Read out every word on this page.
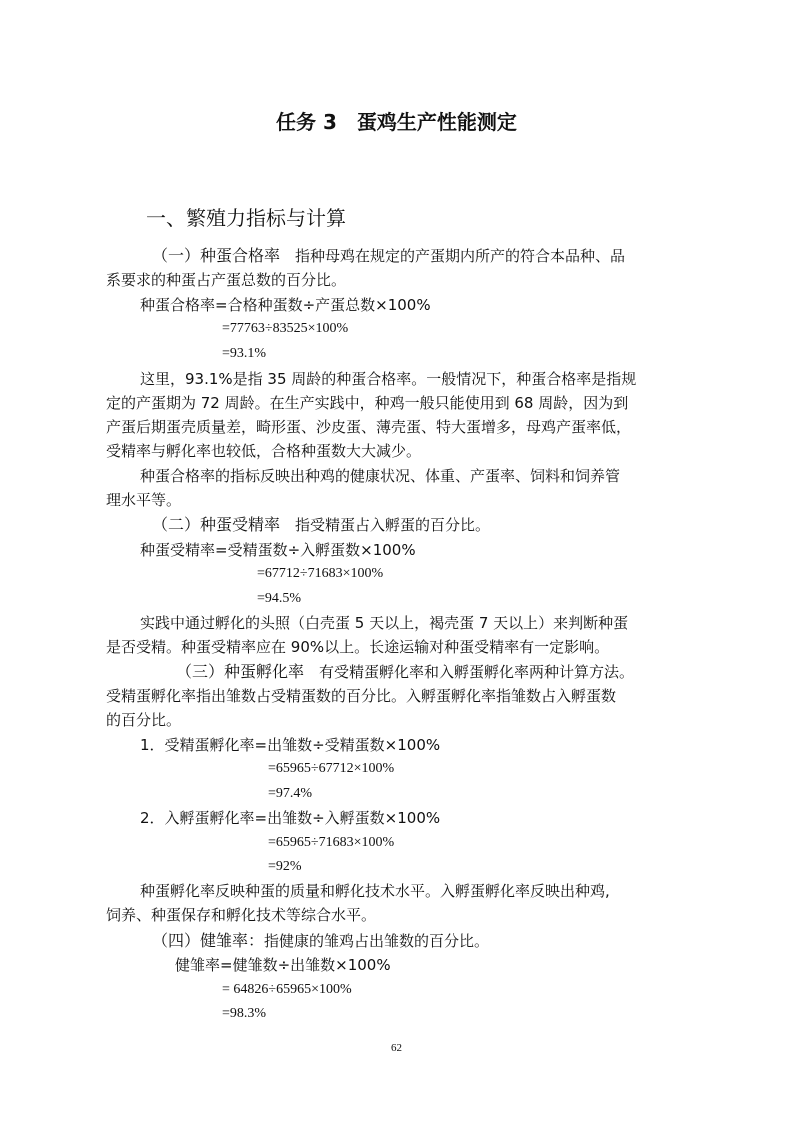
任务 3　蛋鸡生产性能测定
一、繁殖力指标与计算
（一）种蛋合格率　 指种母鸡在规定的产蛋期内所产的符合本品种、品
系要求的种蛋占产蛋总数的百分比。
种蛋合格率=合格种蛋数÷产蛋总数×100%
=77763÷83525×100%
=93.1%
这里，93.1%是指 35 周龄的种蛋合格率。一般情况下，种蛋合格率是指规
定的产蛋期为 72 周龄。在生产实践中，种鸡一般只能使用到 68 周龄，因为到
产蛋后期蛋壳质量差，畸形蛋、沙皮蛋、薄壳蛋、特大蛋增多，母鸡产蛋率低，
受精率与孵化率也较低，合格种蛋数大大减少。
种蛋合格率的指标反映出种鸡的健康状况、体重、产蛋率、饲料和饲养管
理水平等。
（二）种蛋受精率　 指受精蛋占入孵蛋的百分比。
种蛋受精率=受精蛋数÷入孵蛋数×100%
=67712÷71683×100%
=94.5%
实践中通过孵化的头照（白壳蛋 5 天以上，褐壳蛋 7 天以上）来判断种蛋
是否受精。种蛋受精率应在 90%以上。长途运输对种蛋受精率有一定影响。
（三）种蛋孵化率　 有受精蛋孵化率和入孵蛋孵化率两种计算方法。
受精蛋孵化率指出雏数占受精蛋数的百分比。入孵蛋孵化率指雏数占入孵蛋数
的百分比。
1．受精蛋孵化率=出雏数÷受精蛋数×100%
=65965÷67712×100%
=97.4%
2．入孵蛋孵化率=出雏数÷入孵蛋数×100%
=65965÷71683×100%
=92%
种蛋孵化率反映种蛋的质量和孵化技术水平。入孵蛋孵化率反映出种鸡,
饲养、种蛋保存和孵化技术等综合水平。
（四）健雏率：指健康的雏鸡占出雏数的百分比。
健雏率=健雏数÷出雏数×100%
= 64826÷65965×100%
=98.3%
62
